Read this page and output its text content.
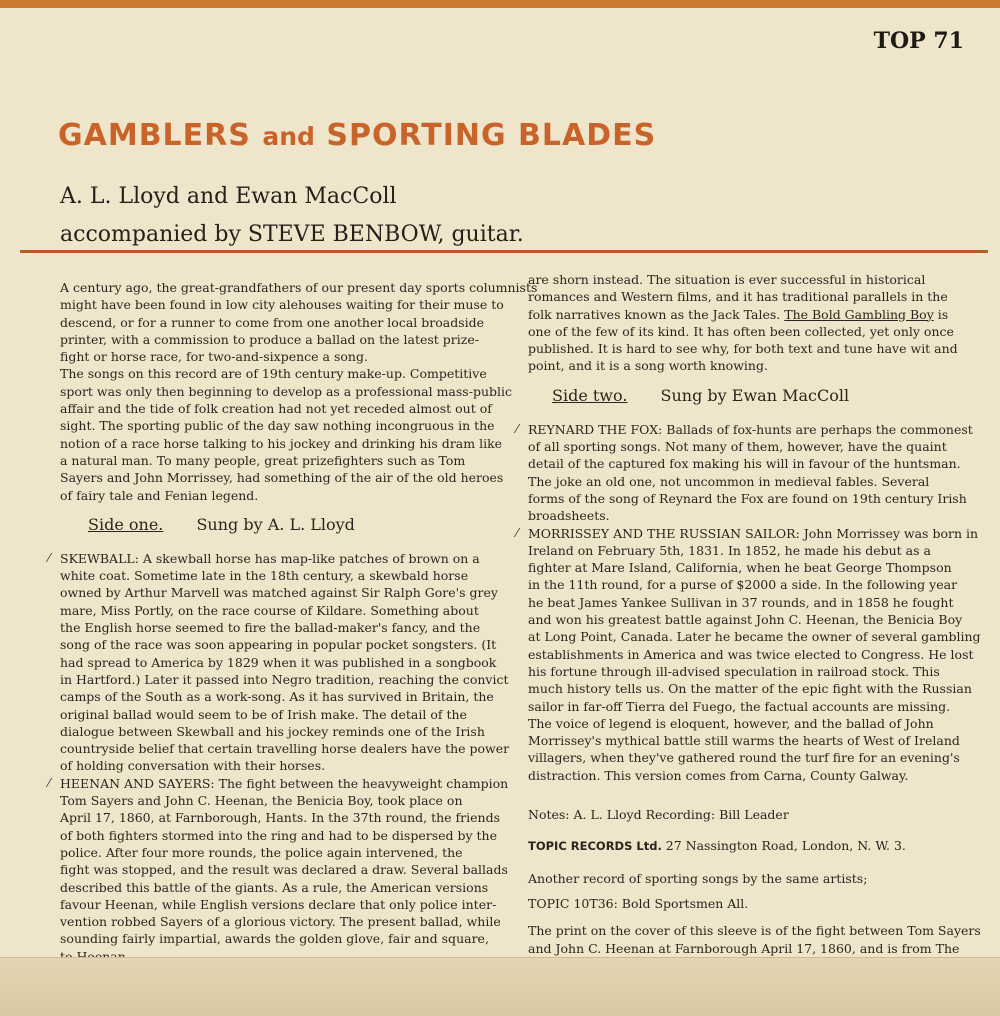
TOP 71
GAMBLERS and SPORTING BLADES
A. L. Lloyd and Ewan MacColl
accompanied by STEVE BENBOW, guitar.

A century ago, the great-grandfathers of our present day sports columnists

might have been found in low city alehouses waiting for their muse to

descend, or for a runner to come from one another local broadside

printer, with a commission to produce a ballad on the latest prize-

fight or horse race, for two-and-sixpence a song.

The songs on this record are of 19th century make-up. Competitive

sport was only then beginning to develop as a professional mass-public

affair and the tide of folk creation had not yet receded almost out of

sight. The sporting public of the day saw nothing incongruous in the

notion of a race horse talking to his jockey and drinking his dram like

a natural man. To many people, great prizefighters such as Tom

Sayers and John Morrissey, had something of the air of the old heroes

of fairy tale and Fenian legend.

Side one. Sung by A. L. Lloyd
⁄ SKEWBALL: A skewball horse has map-like patches of brown on a

white coat. Sometime late in the 18th century, a skewbald horse

owned by Arthur Marvell was matched against Sir Ralph Gore's grey

mare, Miss Portly, on the race course of Kildare. Something about

the English horse seemed to fire the ballad-maker's fancy, and the

song of the race was soon appearing in popular pocket songsters. (It

had spread to America by 1829 when it was published in a songbook

in Hartford.) Later it passed into Negro tradition, reaching the convict

camps of the South as a work-song. As it has survived in Britain, the

original ballad would seem to be of Irish make. The detail of the

dialogue between Skewball and his jockey reminds one of the Irish

countryside belief that certain travelling horse dealers have the power

of holding conversation with their horses.

⁄ HEENAN AND SAYERS: The fight between the heavyweight champion

Tom Sayers and John C. Heenan, the Benicia Boy, took place on

April 17, 1860, at Farnborough, Hants. In the 37th round, the friends

of both fighters stormed into the ring and had to be dispersed by the

police. After four more rounds, the police again intervened, the

fight was stopped, and the result was declared a draw. Several ballads

described this battle of the giants. As a rule, the American versions

favour Heenan, while English versions declare that only police inter-

vention robbed Sayers of a glorious victory. The present ballad, while

sounding fairly impartial, awards the golden glove, fair and square,

are shorn instead. The situation is ever successful in historical

romances and Western films, and it has traditional parallels in the

folk narratives known as the Jack Tales. The Bold Gambling Boy is

one of the few of its kind. It has often been collected, yet only once

published. It is hard to see why, for both text and tune have wit and

point, and it is a song worth knowing.

Side two. Sung by Ewan MacColl
⁄ REYNARD THE FOX: Ballads of fox-hunts are perhaps the commonest

of all sporting songs. Not many of them, however, have the quaint

detail of the captured fox making his will in favour of the huntsman.

The joke an old one, not uncommon in medieval fables. Several

forms of the song of Reynard the Fox are found on 19th century Irish

broadsheets.

⁄ MORRISSEY AND THE RUSSIAN SAILOR: John Morrissey was born in

Ireland on February 5th, 1831. In 1852, he made his debut as a

fighter at Mare Island, California, when he beat George Thompson

in the 11th round, for a purse of $2000 a side. In the following year

he beat James Yankee Sullivan in 37 rounds, and in 1858 he fought

and won his greatest battle against John C. Heenan, the Benicia Boy

at Long Point, Canada. Later he became the owner of several gambling

establishments in America and was twice elected to Congress. He lost

his fortune through ill-advised speculation in railroad stock. This

much history tells us. On the matter of the epic fight with the Russian

sailor in far-off Tierra del Fuego, the factual accounts are missing.

The voice of legend is eloquent, however, and the ballad of John

Morrissey's mythical battle still warms the hearts of West of Ireland

villagers, when they've gathered round the turf fire for an evening's

distraction. This version comes from Carna, County Galway.

Notes: A. L. Lloyd Recording: Bill Leader

TOPIC RECORDS Ltd. 27 Nassington Road, London, N. W. 3.

Another record of sporting songs by the same artists;

TOPIC 10T36: Bold Sportsmen All.

The print on the cover of this sleeve is of the fight between Tom Sayers

and John C. Heenan at Farnborough April 17, 1860, and is from The
